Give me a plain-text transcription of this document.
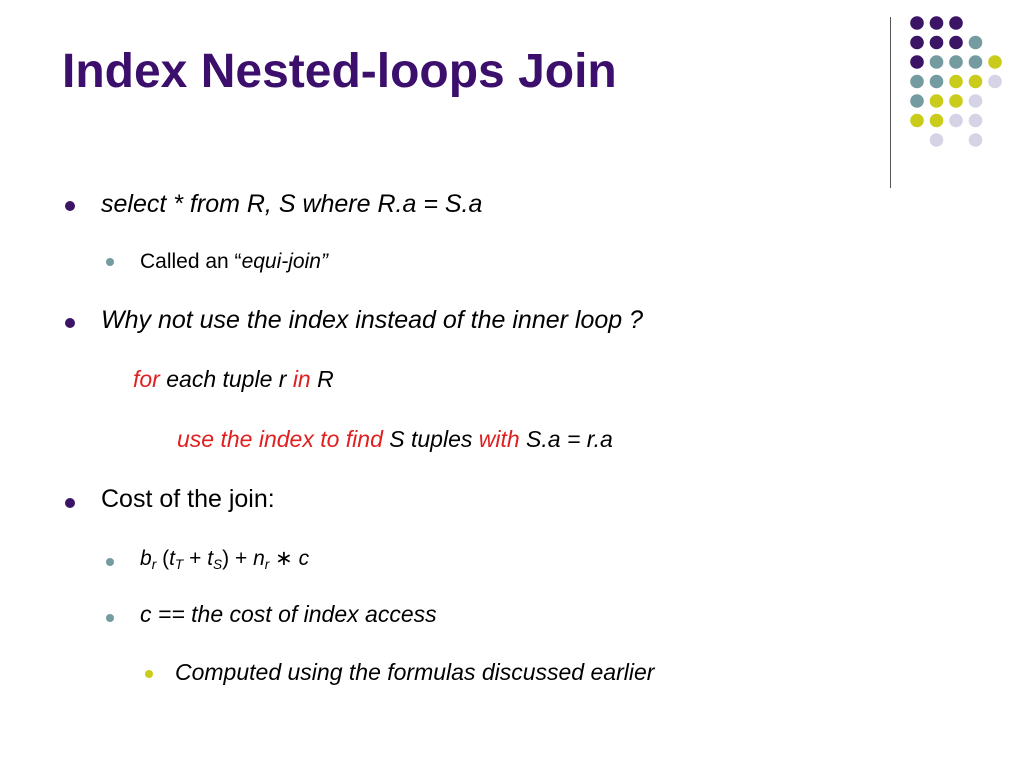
Index Nested-loops Join
select * from R, S where R.a = S.a
Called an “equi-join”
Why not use the index instead of the inner loop ?
for each tuple r in R
use the index to find S tuples with S.a = r.a
Cost of the join:
$b_r$ $(t_T + t_S) + n_r$ ∗ c
c == the cost of index access
Computed using the formulas discussed earlier
